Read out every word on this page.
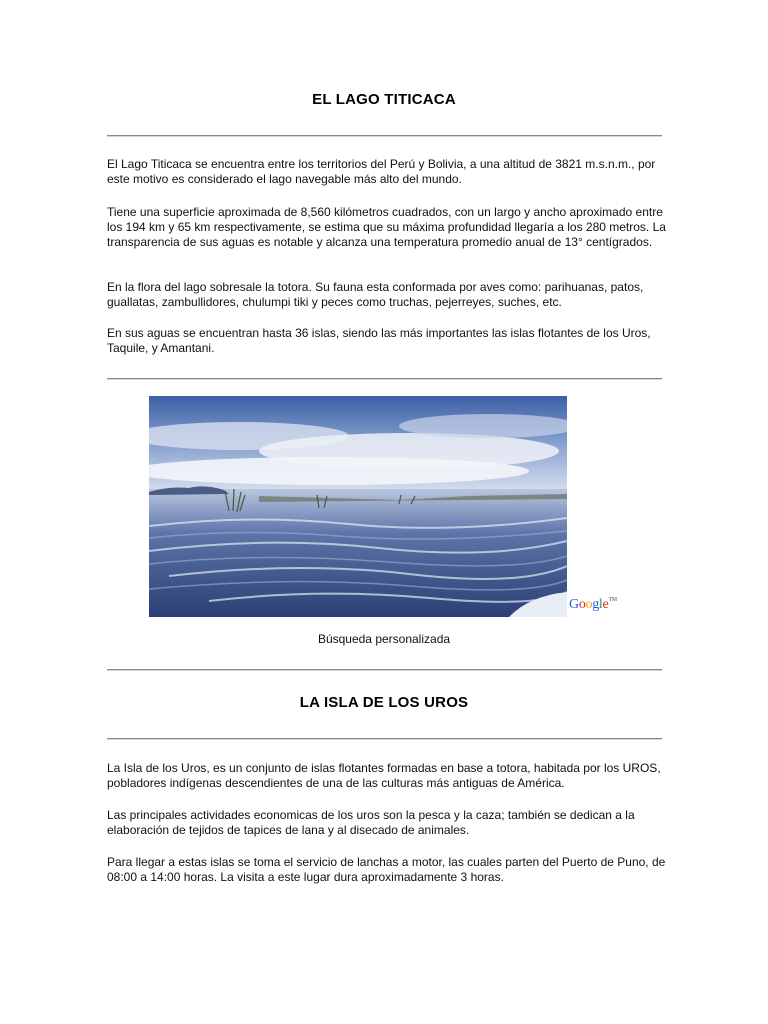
EL LAGO TITICACA

El Lago Titicaca se encuentra entre los territorios del Perú y Bolivia, a una altitud de 3821 m.s.n.m., por este motivo es considerado el lago navegable más alto del mundo.

Tiene una superficie aproximada de 8,560 kilómetros cuadrados, con un largo y ancho aproximado entre los 194 km y 65 km respectivamente, se estima que su máxima profundidad llegaría a los 280 metros. La transparencia de sus aguas es notable y alcanza una temperatura promedio anual de 13° centígrados.

En la flora del lago sobresale la totora. Su fauna esta conformada por aves como: parihuanas, patos, guallatas, zambullidores, chulumpi tiki y peces como truchas, pejerreyes, suches, etc.

En sus aguas se encuentran hasta 36 islas, siendo las más importantes las islas flotantes de los Uros, Taquile, y Amantani.

Google™
Búsqueda personalizada
LA ISLA DE LOS UROS

La Isla de los Uros, es un conjunto de islas flotantes formadas en base a totora, habitada por los UROS, pobladores indígenas descendientes de una de las culturas más antiguas de América.

Las principales actividades economicas de los uros son la pesca y la caza; también se dedican a la elaboración de tejidos de tapices de lana y al disecado de animales.

Para llegar a estas islas se toma el servicio de lanchas a motor, las cuales parten del Puerto de Puno, de 08:00 a 14:00 horas. La visita a este lugar dura aproximadamente 3 horas.
